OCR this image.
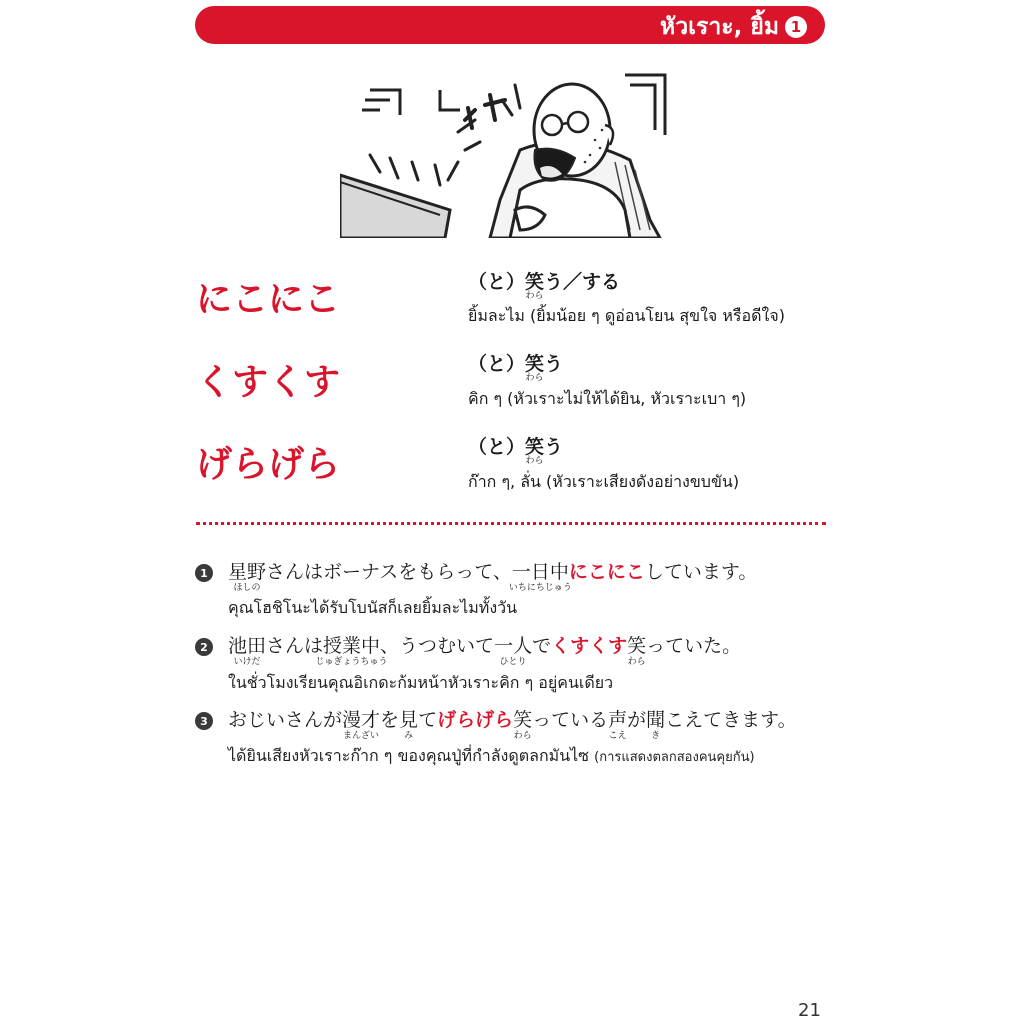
หัวเราะ, ยิ้ม 1
にこにこ	（と）笑
わら
う／する
ยิ้มละไม (ยิ้มน้อย ๆ ดูอ่อนโยน สุขใจ หรือดีใจ)
くすくす	（と）笑
わら
う
คิก ๆ (หัวเราะไม่ให้ได้ยิน, หัวเราะเบา ๆ)
げらげら	（と）笑
わら
う
ก๊าก ๆ, ลั่น (หัวเราะเสียงดังอย่างขบขัน)
1 星野
ほしの
さんはボーナスをもらって、一日中
いちにちじゅう
にこにこしています。
คุณโฮชิโนะได้รับโบนัสก็เลยยิ้มละไมทั้งวัน
2 池田
いけだ
さんは授業中
じゅぎょうちゅう
、うつむいて一人
ひとり
でくすくす笑
わら
っていた。
ในชั่วโมงเรียนคุณอิเกดะก้มหน้าหัวเราะคิก ๆ อยู่คนเดียว
3 おじいさんが漫才
まんざい
を見
み
てげらげら笑
わら
っている声
こえ
が聞
き
こえてきます。
ได้ยินเสียงหัวเราะก๊าก ๆ ของคุณปู่ที่กำลังดูตลกมันไซ (การแสดงตลกสองคนคุยกัน)
21
